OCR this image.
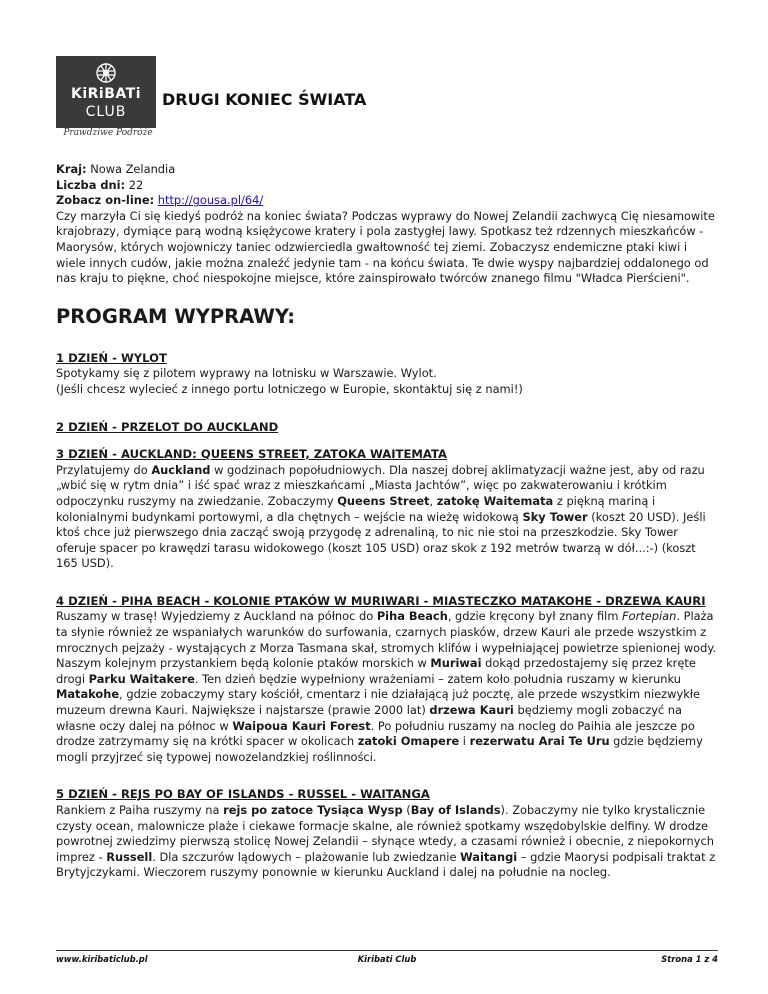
KiRiBATi
CLUB
Prawdziwe Podróże
DRUGI KONIEC ŚWIATA

Kraj: Nowa Zelandia

Liczba dni: 22

Zobacz on-line: http://gousa.pl/64/

Czy marzyła Ci się kiedyś podróż na koniec świata? Podczas wyprawy do Nowej Zelandii zachwycą Cię niesamowite krajobrazy, dymiące parą wodną księżycowe kratery i pola zastygłej lawy. Spotkasz też rdzennych mieszkańców - Maorysów, których wojowniczy taniec odzwierciedla gwałtowność tej ziemi. Zobaczysz endemiczne ptaki kiwi i wiele innych cudów, jakie można znaleźć jedynie tam - na końcu świata. Te dwie wyspy najbardziej oddalonego od nas kraju to piękne, choć niespokojne miejsce, które zainspirowało twórców znanego filmu "Władca Pierścieni".

PROGRAM WYPRAWY:
1 DZIEŃ - WYLOT

Spotykamy się z pilotem wyprawy na lotnisku w Warszawie. Wylot.
(Jeśli chcesz wylecieć z innego portu lotniczego w Europie, skontaktuj się z nami!)

2 DZIEŃ - PRZELOT DO AUCKLAND
3 DZIEŃ - AUCKLAND: QUEENS STREET, ZATOKA WAITEMATA

Przylatujemy do Auckland w godzinach popołudniowych. Dla naszej dobrej aklimatyzacji ważne jest, aby od razu „wbić się w rytm dnia” i iść spać wraz z mieszkańcami „Miasta Jachtów”, więc po zakwaterowaniu i krótkim odpoczynku ruszymy na zwiedzanie. Zobaczymy Queens Street, zatokę Waitemata z piękną mariną i kolonialnymi budynkami portowymi, a dla chętnych – wejście na wieżę widokową Sky Tower (koszt 20 USD). Jeśli ktoś chce już pierwszego dnia zacząć swoją przygodę z adrenaliną, to nic nie stoi na przeszkodzie. Sky Tower oferuje spacer po krawędzi tarasu widokowego (koszt 105 USD) oraz skok z 192 metrów twarzą w dół...:-) (koszt 165 USD).

4 DZIEŃ - PIHA BEACH - KOLONIE PTAKÓW W MURIWARI - MIASTECZKO MATAKOHE - DRZEWA KAURI

Ruszamy w trasę! Wyjedziemy z Auckland na północ do Piha Beach, gdzie kręcony był znany film Fortepian. Plaża ta słynie również ze wspaniałych warunków do surfowania, czarnych piasków, drzew Kauri ale przede wszystkim z mrocznych pejzaży - wystających z Morza Tasmana skał, stromych klifów i wypełniającej powietrze spienionej wody. Naszym kolejnym przystankiem będą kolonie ptaków morskich w Muriwai dokąd przedostajemy się przez kręte drogi Parku Waitakere. Ten dzień będzie wypełniony wrażeniami – zatem koło południa ruszamy w kierunku Matakohe, gdzie zobaczymy stary kościół, cmentarz i nie działającą już pocztę, ale przede wszystkim niezwykłe muzeum drewna Kauri. Największe i najstarsze (prawie 2000 lat) drzewa Kauri będziemy mogli zobaczyć na własne oczy dalej na północ w Waipoua Kauri Forest. Po południu ruszamy na nocleg do Paihia ale jeszcze po drodze zatrzymamy się na krótki spacer w okolicach zatoki Omapere i rezerwatu Arai Te Uru gdzie będziemy mogli przyjrzeć się typowej nowozelandzkiej roślinności.

5 DZIEŃ - REJS PO BAY OF ISLANDS - RUSSEL - WAITANGA

Rankiem z Paiha ruszymy na rejs po zatoce Tysiąca Wysp (Bay of Islands). Zobaczymy nie tylko krystalicznie czysty ocean, malownicze plaże i ciekawe formacje skalne, ale również spotkamy wszędobylskie delfiny. W drodze powrotnej zwiedzimy pierwszą stolicę Nowej Zelandii – słynące wtedy, a czasami również i obecnie, z niepokornych imprez - Russell. Dla szczurów lądowych – plażowanie lub zwiedzanie Waitangi – gdzie Maorysi podpisali traktat z Brytyjczykami. Wieczorem ruszymy ponownie w kierunku Auckland i dalej na południe na nocleg.

www.kiribaticlub.pl	Kiribati Club	Strona 1 z 4
